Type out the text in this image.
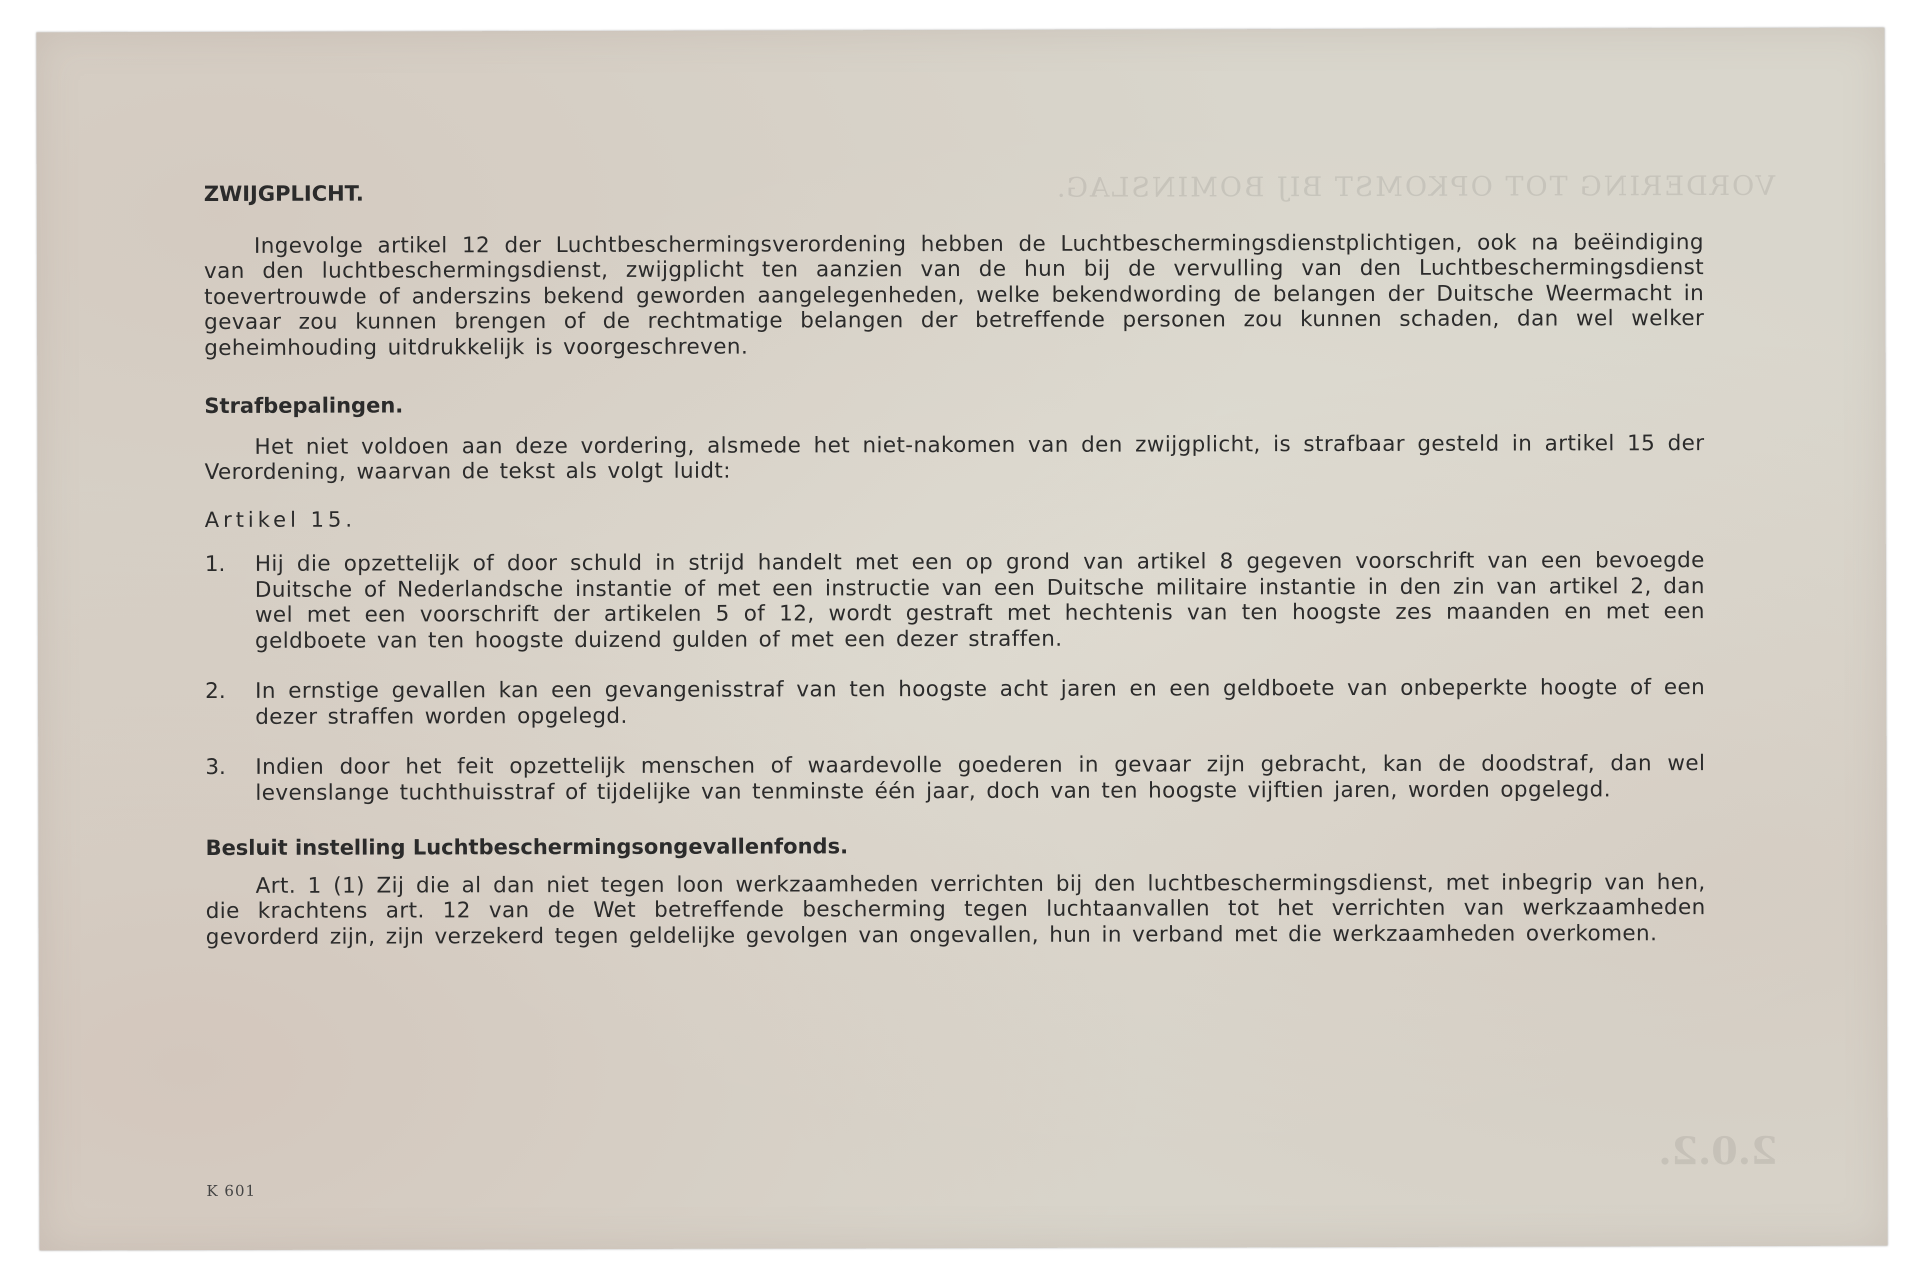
VORDERING TOT OPKOMST BIJ BOMINSLAG.
2.0.2.

ZWIJGPLICHT.

Ingevolge artikel 12 der Luchtbeschermingsverordening hebben de Luchtbeschermingsdienstplichtigen, ook na beëindiging van den luchtbeschermingsdienst, zwijgplicht ten aanzien van de hun bij de vervulling van den Luchtbeschermingsdienst toevertrouwde of anderszins bekend geworden aangelegenheden, welke bekendwording de belangen der Duitsche Weermacht in gevaar zou kunnen brengen of de rechtmatige belangen der betreffende personen zou kunnen schaden, dan wel welker geheimhouding uitdrukkelijk is voorgeschreven.

Strafbepalingen.

Het niet voldoen aan deze vordering, alsmede het niet-nakomen van den zwijgplicht, is strafbaar gesteld in artikel 15 der Verordening, waarvan de tekst als volgt luidt:

Artikel 15.

1.	Hij die opzettelijk of door schuld in strijd handelt met een op grond van artikel 8 gegeven voorschrift van een bevoegde Duitsche of Nederlandsche instantie of met een instructie van een Duitsche militaire instantie in den zin van artikel 2, dan wel met een voorschrift der artikelen 5 of 12, wordt gestraft met hechtenis van ten hoogste zes maanden en met een geldboete van ten hoogste duizend gulden of met een dezer straffen.
2.	In ernstige gevallen kan een gevangenisstraf van ten hoogste acht jaren en een geldboete van onbeperkte hoogte of een dezer straffen worden opgelegd.
3.	Indien door het feit opzettelijk menschen of waardevolle goederen in gevaar zijn gebracht, kan de doodstraf, dan wel levenslange tuchthuisstraf of tijdelijke van tenminste één jaar, doch van ten hoogste vijftien jaren, worden opgelegd.

Besluit instelling Luchtbeschermingsongevallenfonds.

Art. 1 (1) Zij die al dan niet tegen loon werkzaamheden verrichten bij den luchtbeschermingsdienst, met inbegrip van hen, die krachtens art. 12 van de Wet betreffende bescherming tegen luchtaanvallen tot het verrichten van werkzaamheden gevorderd zijn, zijn verzekerd tegen geldelijke gevolgen van ongevallen, hun in verband met die werkzaamheden overkomen.

K 601
